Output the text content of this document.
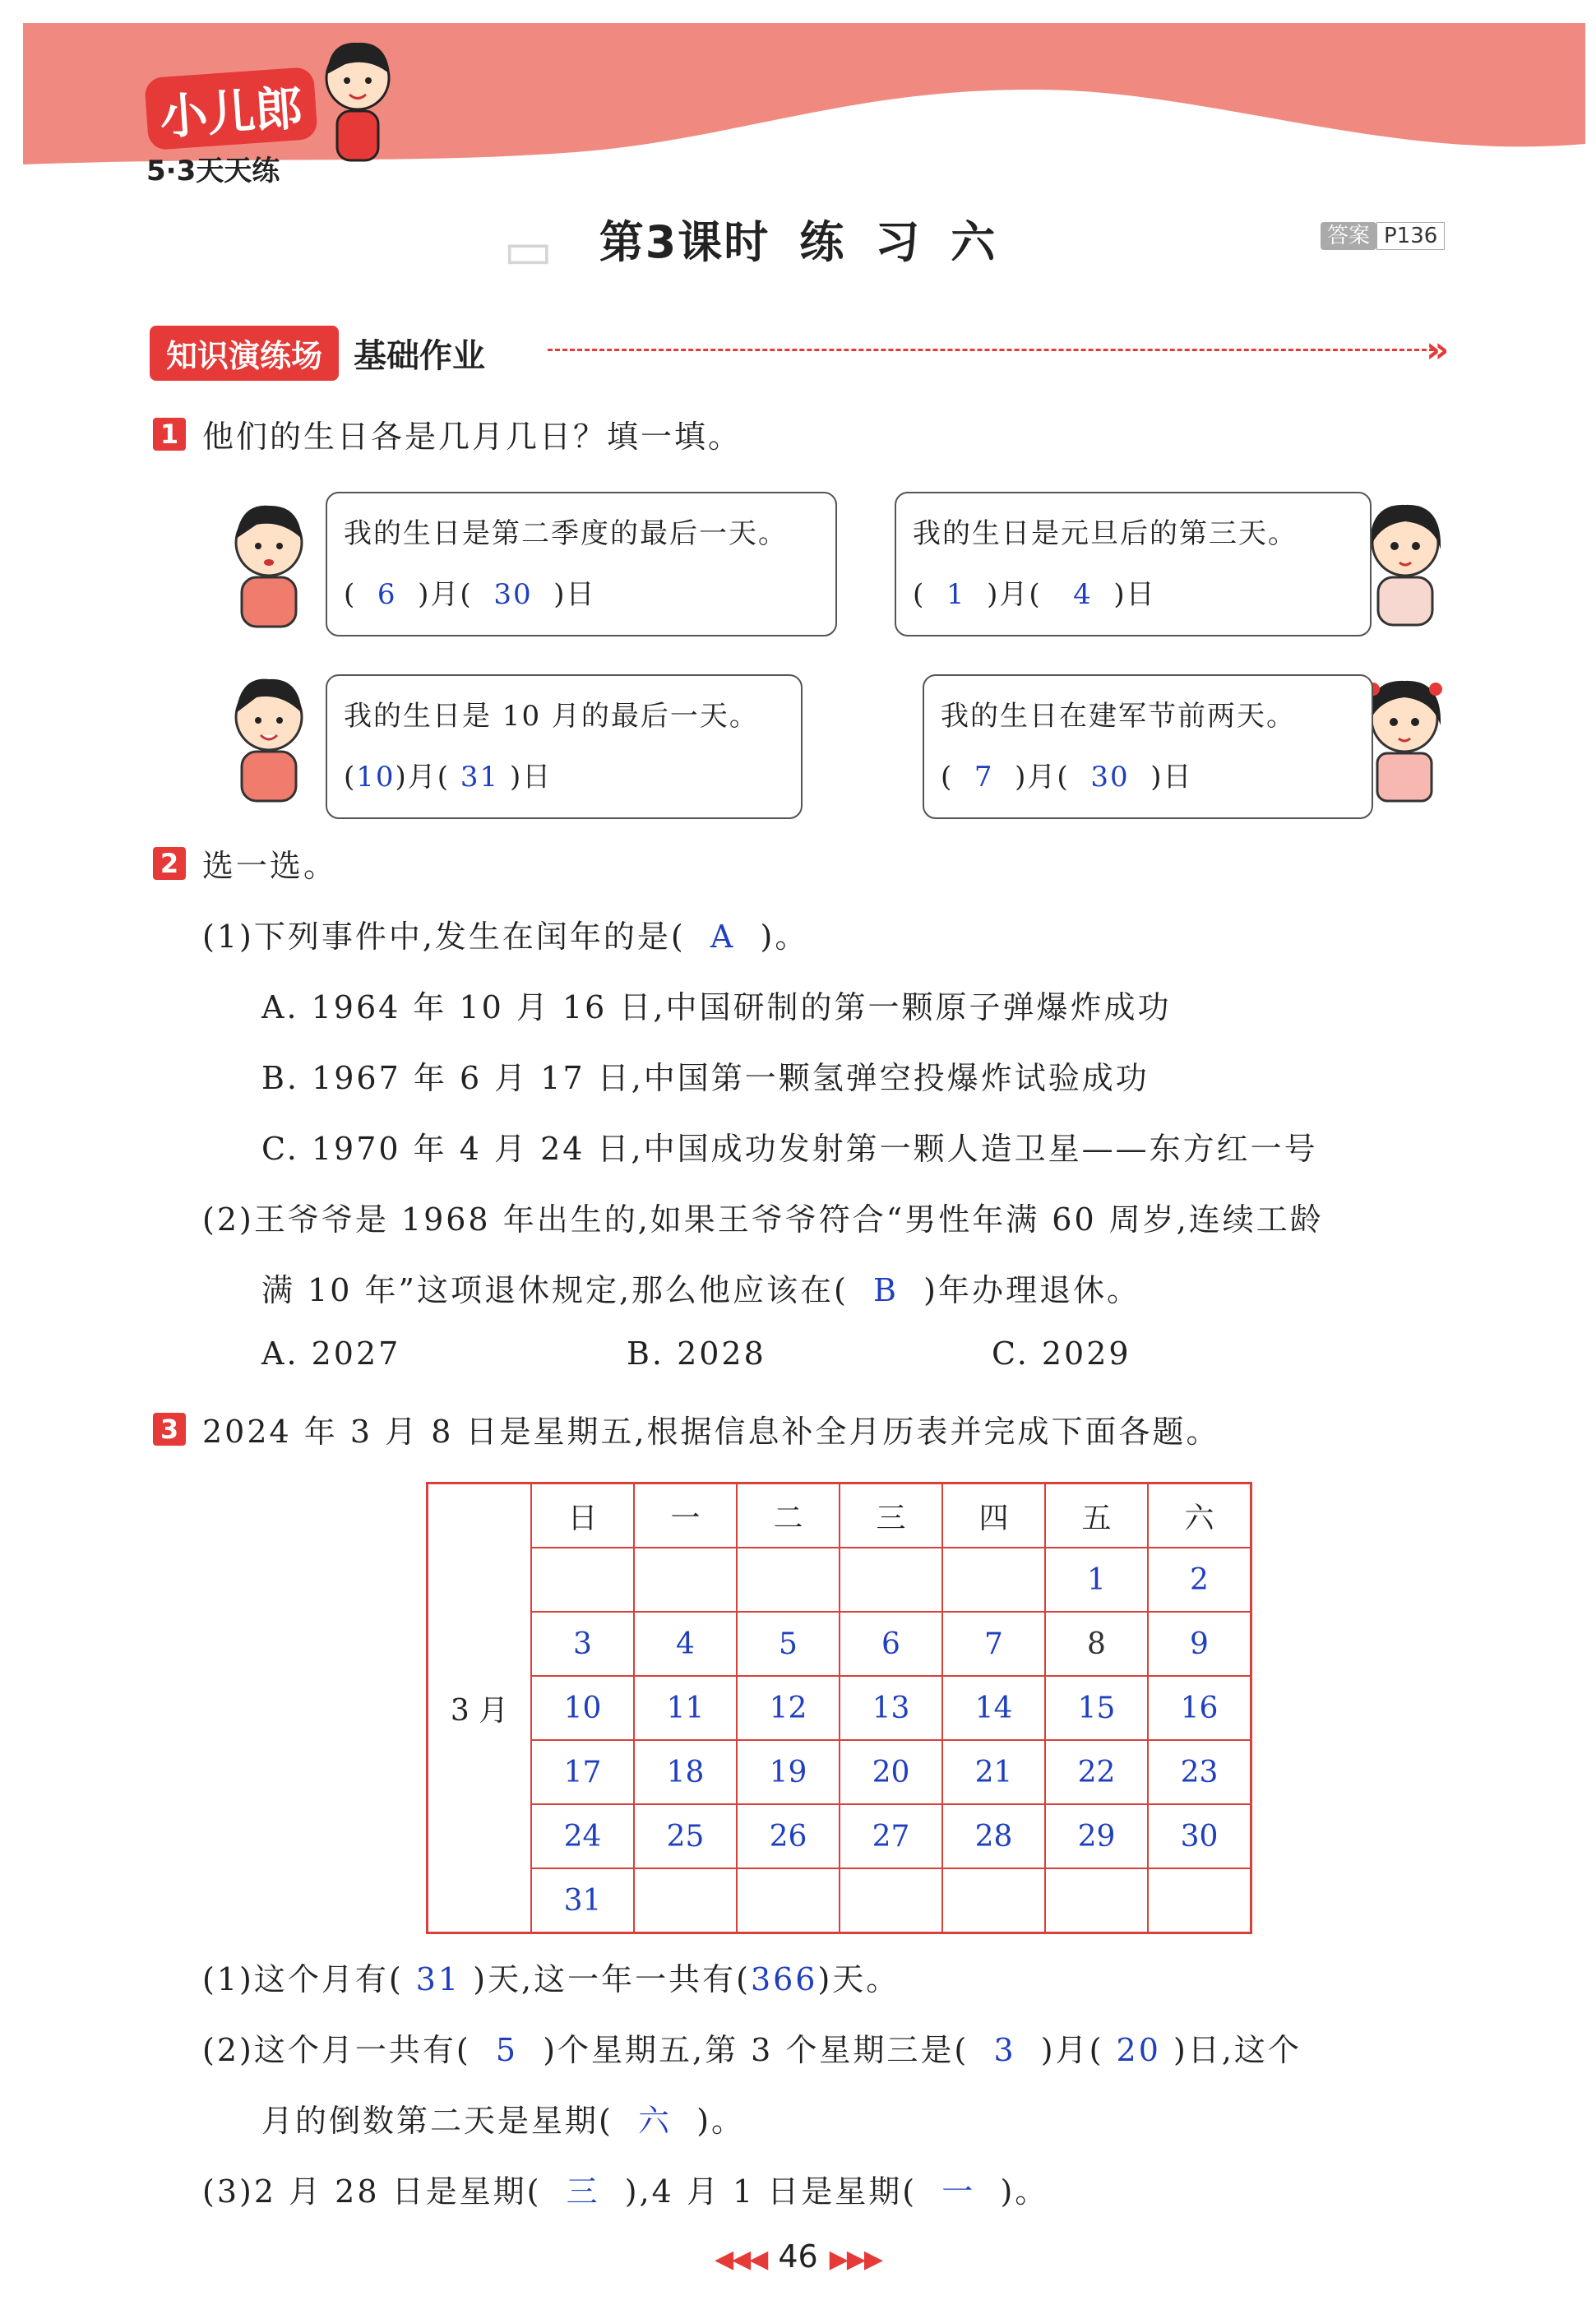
小儿郎
5·3天天练
第3课时 练 习 六	答案 P136
▭
知识演练场 基础作业	»
1 他们的生日各是几月几日？填一填。
我的生日是第二季度的最后一天。
(  6  )月(  30  )日
我的生日是元旦后的第三天。
(  1  )月(   4  )日
我的生日是 10 月的最后一天。
(10)月( 31 )日
我的生日在建军节前两天。
(  7  )月(  30  )日
2 选一选。
(1)下列事件中,发生在闰年的是( A )。
A. 1964 年 10 月 16 日,中国研制的第一颗原子弹爆炸成功
B. 1967 年 6 月 17 日,中国第一颗氢弹空投爆炸试验成功
C. 1970 年 4 月 24 日,中国成功发射第一颗人造卫星——东方红一号
(2)王爷爷是 1968 年出生的,如果王爷爷符合“男性年满 60 周岁,连续工龄
满 10 年”这项退休规定,那么他应该在( B )年办理退休。
A. 2027	B. 2028	C. 2029
3 2024 年 3 月 8 日是星期五,根据信息补全月历表并完成下面各题。
3 月	日	一	二	三	四	五	六
						1	2
	3	4	5	6	7	8	9
	10	11	12	13	14	15	16
	17	18	19	20	21	22	23
	24	25	26	27	28	29	30
	31						
(1)这个月有( 31 )天,这一年一共有(366)天。
(2)这个月一共有( 5 )个星期五,第 3 个星期三是( 3 )月( 20 )日,这个
月的倒数第二天是星期( 六 )。
(3)2 月 28 日是星期( 三 ),4 月 1 日是星期( 一 )。
◀◀◀ 46 ▶▶▶
